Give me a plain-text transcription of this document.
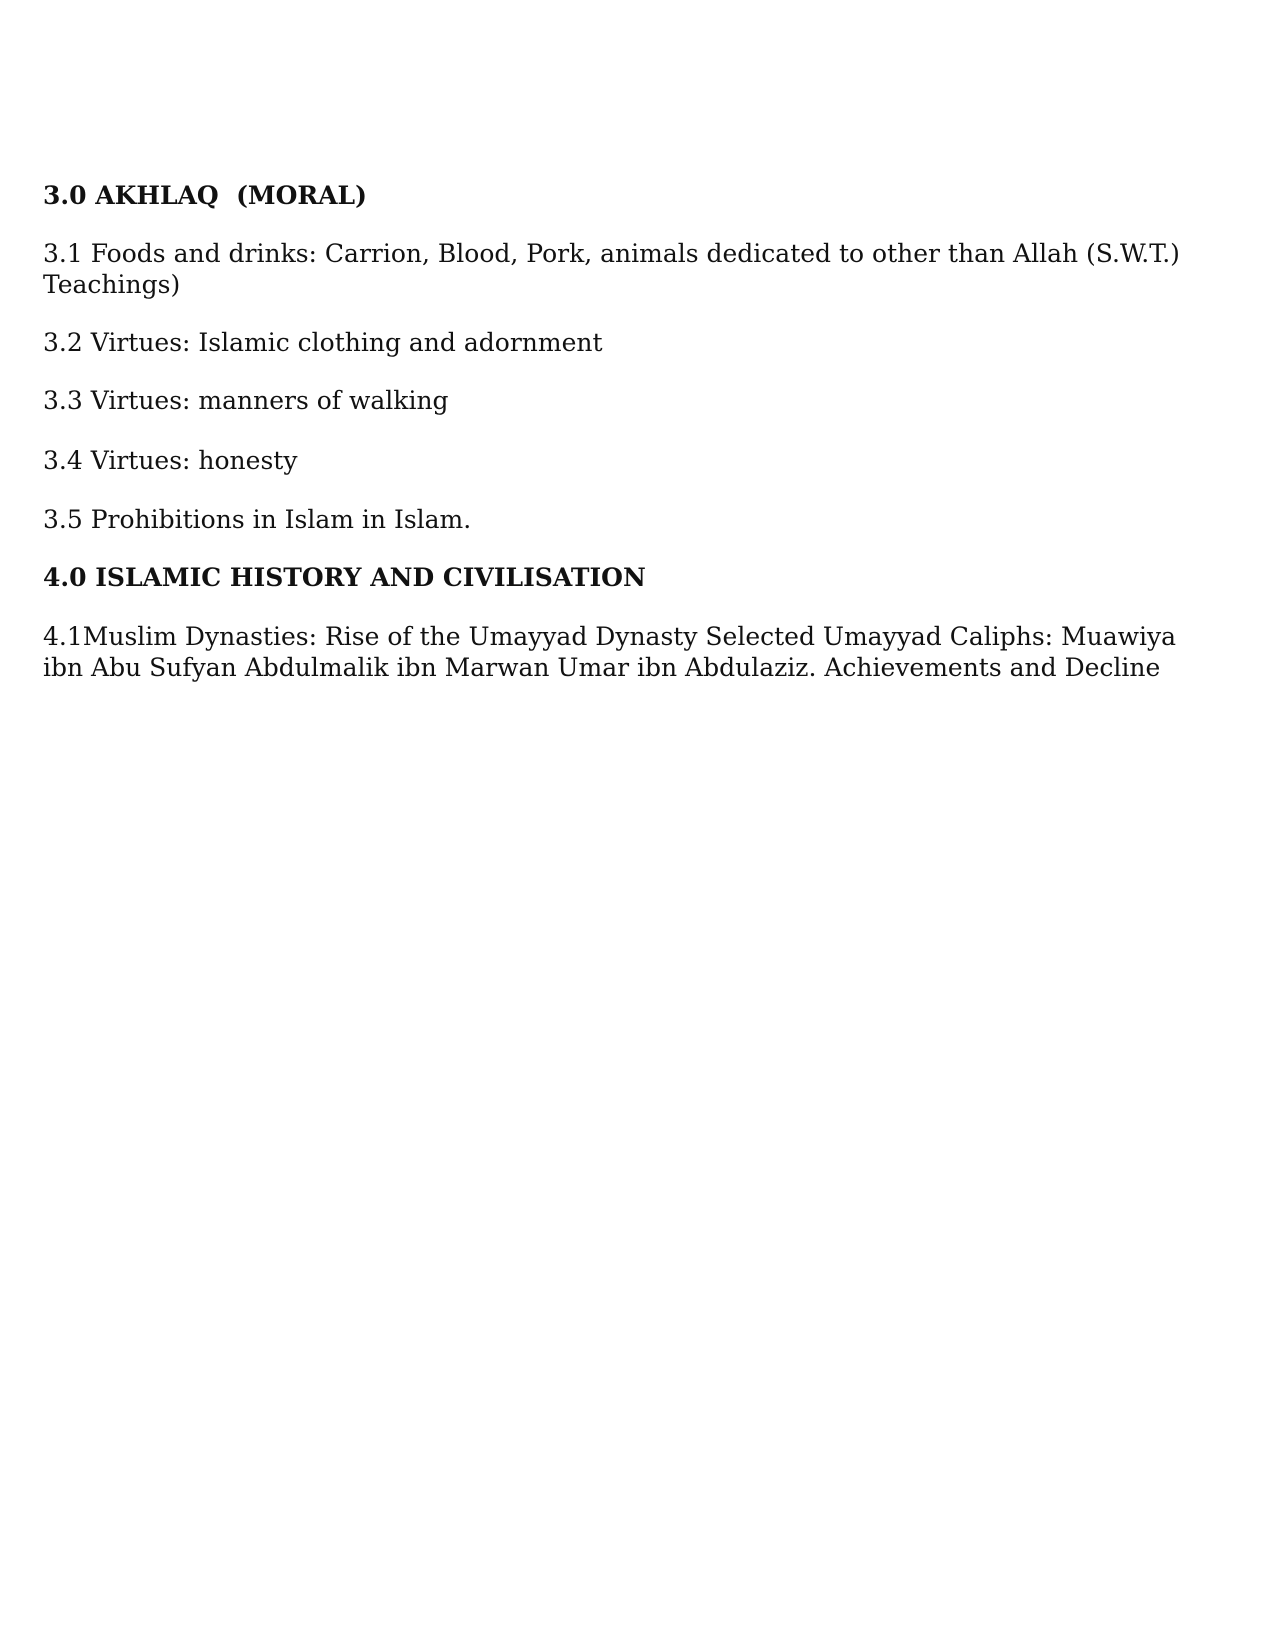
3.0 AKHLAQ  (MORAL)

3.1 Foods and drinks: Carrion, Blood, Pork, animals dedicated to other than Allah (S.W.T.) Teachings)

3.2 Virtues: Islamic clothing and adornment

3.3 Virtues: manners of walking

3.4 Virtues: honesty

3.5 Prohibitions in Islam in Islam.

4.0 ISLAMIC HISTORY AND CIVILISATION

4.1Muslim Dynasties: Rise of the Umayyad Dynasty Selected Umayyad Caliphs: Muawiya ibn Abu Sufyan Abdulmalik ibn Marwan Umar ibn Abdulaziz. Achievements and Decline
